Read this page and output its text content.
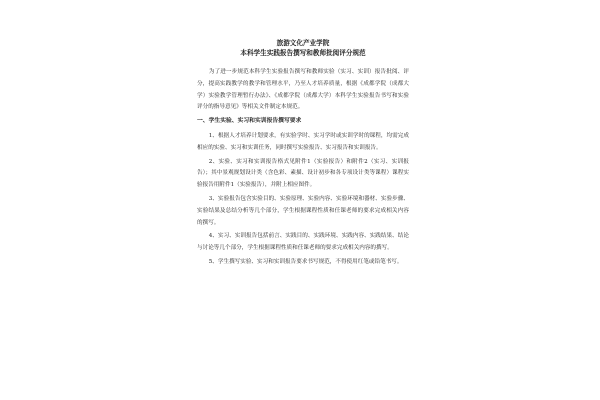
旅游文化产业学院

本科学生实践报告撰写和教师批阅评分规范

为了进一步规范本科学生实验报告撰写和教师实验（实习、实训）报告批阅、评分，提高实践教学的教学和管理水平，乃至人才培养质量，根据《成都学院（成都大学）实验教学管理暂行办法》、《成都学院（成都大学）本科学生实验报告书写和实验评分的指导意见》等相关文件制定本规范。

一、学生实验、实习和实训报告撰写要求

1、根据人才培养计划要求，有实验学时、实习学时或实训学时的课程，均需完成相应的实验、实习和实训任务，同时撰写实验报告、实习报告和实训报告。

2、实验、实习和实训报告格式见附件1（实验报告）和附件2（实习、实训报告）；其中景观规划设计类（含色彩、素描、设计初步和各专项设计类等课程）课程实验报告用附件1（实验报告），并附上相应图件。

3、实验报告包含实验目的、实验原理、实验内容、实验环境和器材、实验步骤、实验结果及总结分析等几个部分，学生根据课程性质和任课老师的要求完成相关内容的撰写。

4、实习、实训报告包括前言、实践目的、实践环境、实践内容、实践结果、结论与讨论等几个部分，学生根据课程性质和任课老师的要求完成相关内容的撰写。

5、学生撰写实验、实习和实训报告要求书写规范，不得使用红笔或铅笔书写。
